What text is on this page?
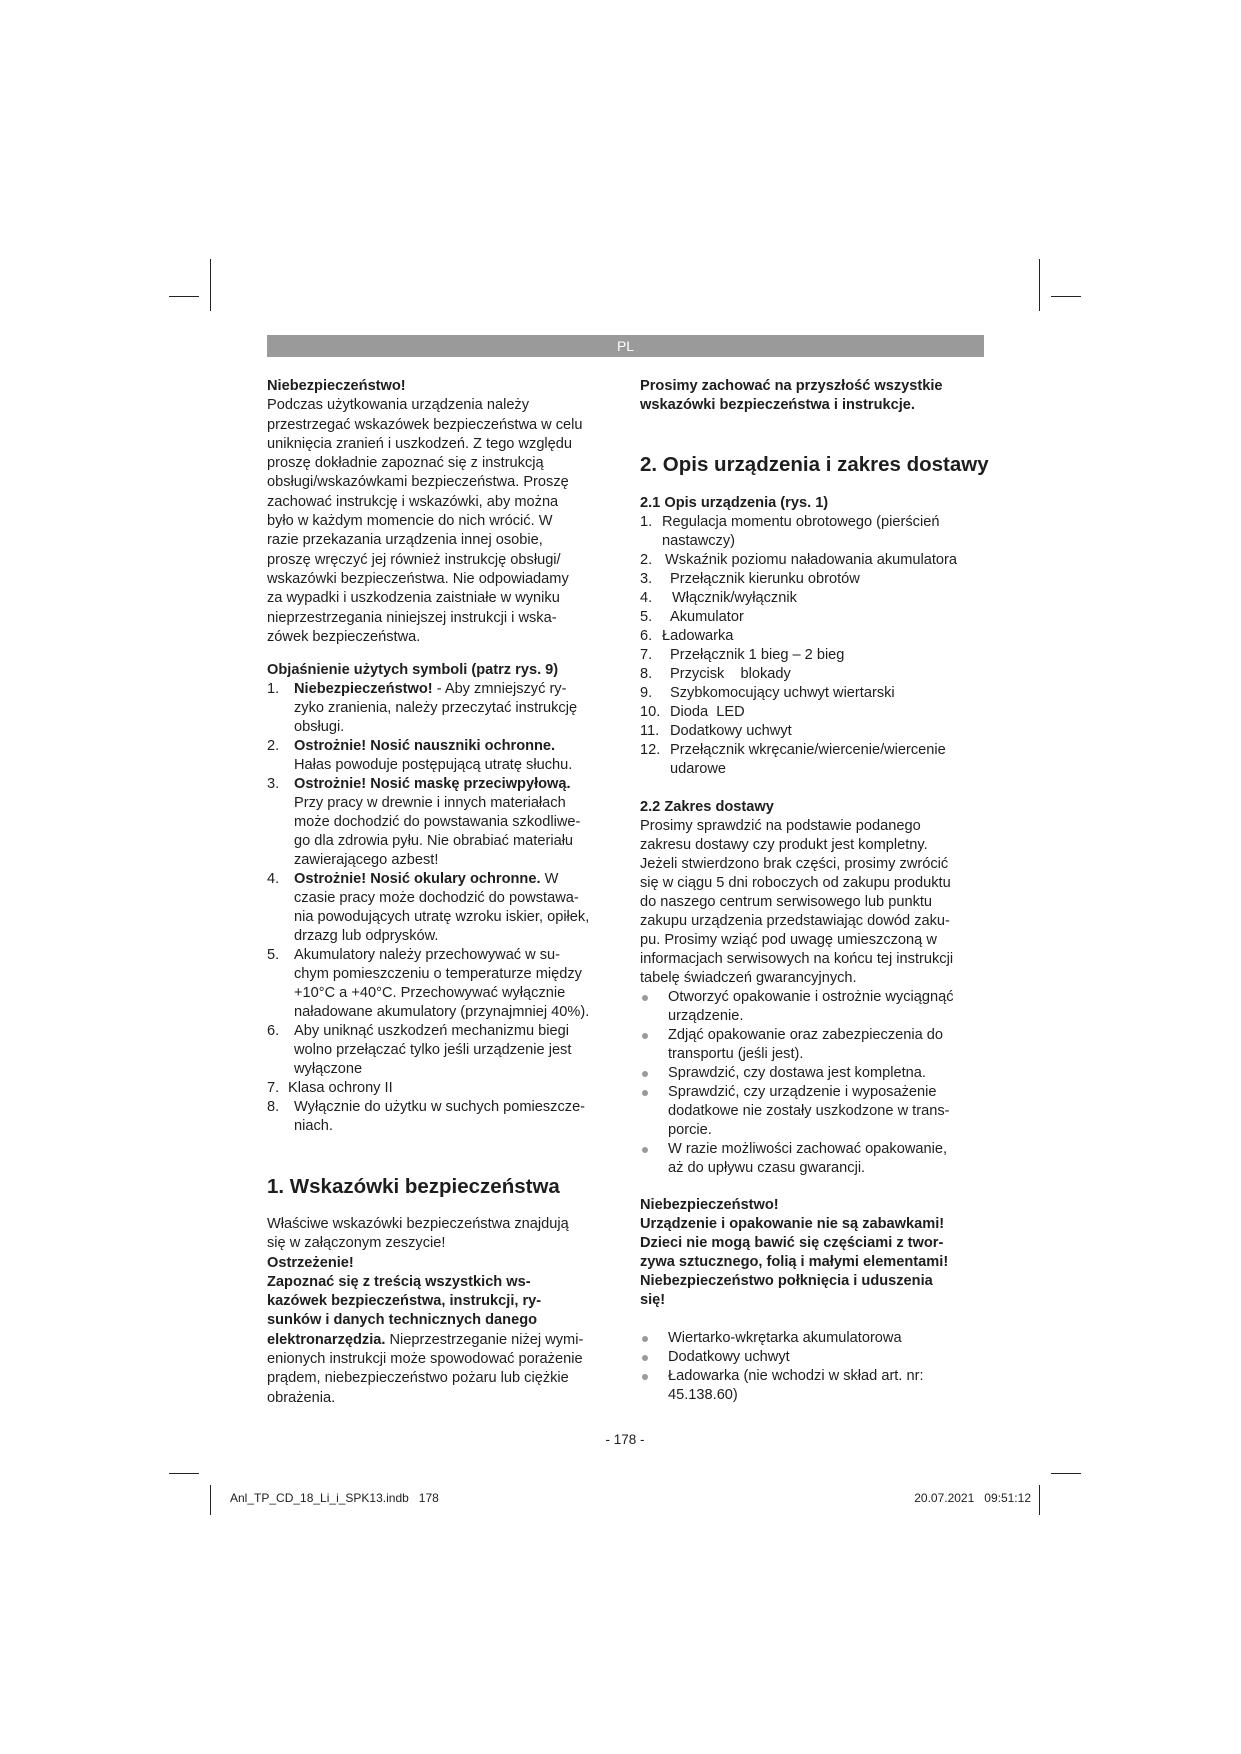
PL
Niebezpieczeństwo!
Podczas użytkowania urządzenia należy
przestrzegać wskazówek bezpieczeństwa w celu
uniknięcia zranień i uszkodzeń. Z tego względu
proszę dokładnie zapoznać się z instrukcją
obsługi/wskazówkami bezpieczeństwa. Proszę
zachować instrukcję i wskazówki, aby można
było w każdym momencie do nich wrócić. W
razie przekazania urządzenia innej osobie,
proszę wręczyć jej również instrukcję obsługi/
wskazówki bezpieczeństwa. Nie odpowiadamy
za wypadki i uszkodzenia zaistniałe w wyniku
nieprzestrzegania niniejszej instrukcji i wska-
zówek bezpieczeństwa.
Objaśnienie użytych symboli (patrz rys. 9)
1. Niebezpieczeństwo! - Aby zmniejszyć ry-
zyko zranienia, należy przeczytać instrukcję
obsługi.
2. Ostrożnie! Nosić nauszniki ochronne.
Hałas powoduje postępującą utratę słuchu.
3. Ostrożnie! Nosić maskę przeciwpyłową.
Przy pracy w drewnie i innych materiałach
może dochodzić do powstawania szkodliwe-
go dla zdrowia pyłu. Nie obrabiać materiału
zawierającego azbest!
4. Ostrożnie! Nosić okulary ochronne. W
czasie pracy może dochodzić do powstawa-
nia powodujących utratę wzroku iskier, opiłek,
drzazg lub odprysków.
5. Akumulatory należy przechowywać w su-
chym pomieszczeniu o temperaturze między
+10°C a +40°C. Przechowywać wyłącznie
naładowane akumulatory (przynajmniej 40%).
6. Aby uniknąć uszkodzeń mechanizmu biegi
wolno przełączać tylko jeśli urządzenie jest
wyłączone
7. Klasa ochrony II
8. Wyłącznie do użytku w suchych pomieszcze-
niach.
1. Wskazówki bezpieczeństwa
Właściwe wskazówki bezpieczeństwa znajdują
się w załączonym zeszycie!
Ostrzeżenie!
Zapoznać się z treścią wszystkich ws-
kazówek bezpieczeństwa, instrukcji, ry-
sunków i danych technicznych danego
elektronarzędzia. Nieprzestrzeganie niżej wymi-
enionych instrukcji może spowodować porażenie
prądem, niebezpieczeństwo pożaru lub ciężkie
obrażenia.
Prosimy zachować na przyszłość wszystkie
wskazówki bezpieczeństwa i instrukcje.
2. Opis urządzenia i zakres dostawy
2.1 Opis urządzenia (rys. 1)
1. Regulacja momentu obrotowego (pierścień
nastawczy)
2. Wskaźnik poziomu naładowania akumulatora
3. Przełącznik kierunku obrotów
4. Włącznik/wyłącznik
5. Akumulator
6. Ładowarka
7. Przełącznik 1 bieg – 2 bieg
8. Przycisk    blokady
9. Szybkomocujący uchwyt wiertarski
10. Dioda  LED
11. Dodatkowy uchwyt
12. Przełącznik wkręcanie/wiercenie/wiercenie
udarowe
2.2 Zakres dostawy
Prosimy sprawdzić na podstawie podanego
zakresu dostawy czy produkt jest kompletny.
Jeżeli stwierdzono brak części, prosimy zwrócić
się w ciągu 5 dni roboczych od zakupu produktu
do naszego centrum serwisowego lub punktu
zakupu urządzenia przedstawiając dowód zaku-
pu. Prosimy wziąć pod uwagę umieszczoną w
informacjach serwisowych na końcu tej instrukcji
tabelę świadczeń gwarancyjnych.
Otworzyć opakowanie i ostrożnie wyciągnąć
urządzenie.
Zdjąć opakowanie oraz zabezpieczenia do
transportu (jeśli jest).
Sprawdzić, czy dostawa jest kompletna.
Sprawdzić, czy urządzenie i wyposażenie
dodatkowe nie zostały uszkodzone w trans-
porcie.
W razie możliwości zachować opakowanie,
aż do upływu czasu gwarancji.
Niebezpieczeństwo!
Urządzenie i opakowanie nie są zabawkami!
Dzieci nie mogą bawić się częściami z twor-
zywa sztucznego, folią i małymi elementami!
Niebezpieczeństwo połknięcia i uduszenia
się!
Wiertarko-wkrętarka akumulatorowa
Dodatkowy uchwyt
Ładowarka (nie wchodzi w skład art. nr:
45.138.60)
- 178 -
Anl_TP_CD_18_Li_i_SPK13.indb   178	20.07.2021   09:51:12
